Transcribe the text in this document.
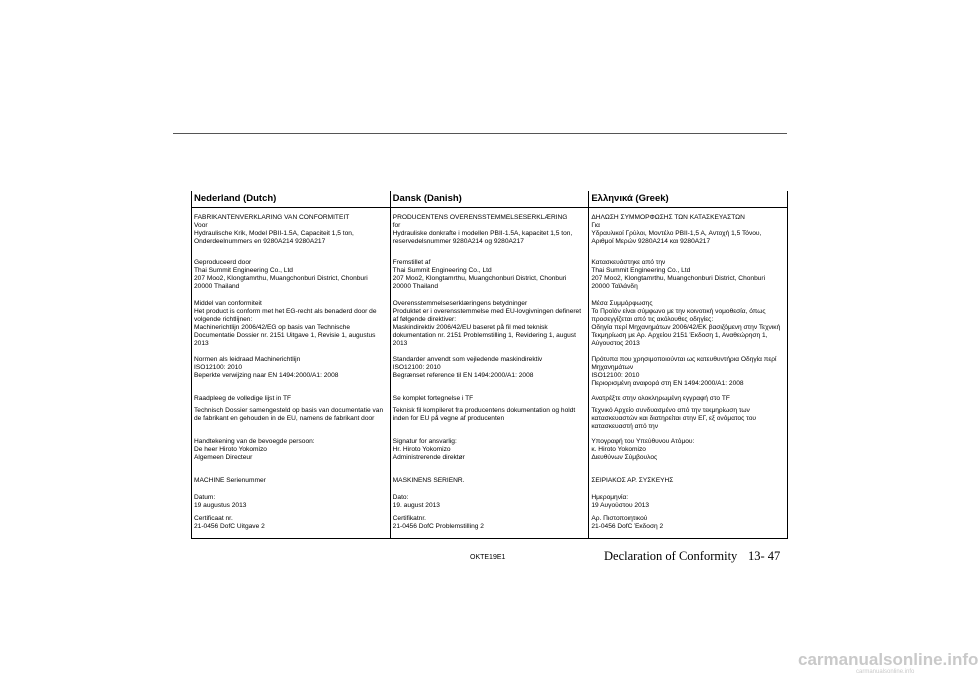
Nederland (Dutch)
FABRIKANTENVERKLARING VAN CONFORMITEIT
Voor
Hydraulische Krik, Model PBII-1.5A, Capaciteit 1,5 ton,
Onderdeelnummers en 9280A214 9280A217
Geproduceerd door
Thai Summit Engineering Co., Ltd
207 Moo2, Klongtamrthu, Muangchonburi District, Chonburi
20000 Thailand
Middel van conformiteit
Het product is conform met het EG-recht als benaderd door de volgende richtlijnen:
Machinerichtlijn 2006/42/EG op basis van Technische Documentatie Dossier nr. 2151 Uitgave 1, Revisie 1, augustus 2013
Normen als leidraad Machinerichtlijn
ISO12100: 2010
Beperkte verwijzing naar EN 1494:2000/A1: 2008
Raadpleeg de volledige lijst in TF
Technisch Dossier samengesteld op basis van documentatie van de fabrikant en gehouden in de EU, namens de fabrikant door
Handtekening van de bevoegde persoon:
De heer Hiroto Yokomizo
Algemeen Directeur
MACHINE Serienummer
Datum:
19 augustus 2013
Certificaat nr.
21-0456 DofC Uitgave 2
Dansk (Danish)
PRODUCENTENS OVERENSSTEMMELSESERKLÆRING
for
Hydrauliske donkrafte i modellen PBII-1.5A, kapacitet 1,5 ton,
reservedelsnummer 9280A214 og 9280A217
Fremstillet af
Thai Summit Engineering Co., Ltd
207 Moo2, Klongtamrthu, Muangchonburi District, Chonburi
20000 Thailand
Overensstemmelseserklæringens betydninger
Produktet er i overensstemmelse med EU-lovgivningen defineret af følgende direktiver:
Maskindirektiv 2006/42/EU baseret på fil med teknisk dokumentation nr. 2151 Problemstilling 1, Revidering 1, august 2013
Standarder anvendt som vejledende maskindirektiv
ISO12100: 2010
Begrænset reference til EN 1494:2000/A1: 2008
Se komplet fortegnelse i TF
Teknisk fil kompileret fra producentens dokumentation og holdt inden for EU på vegne af producenten
Signatur for ansvarlig:
Hr. Hiroto Yokomizo
Administrerende direktør
MASKINENS SERIENR.
Dato:
19. august 2013
Certifikatnr.
21-0456 DofC Problemstilling 2
Ελληνικά (Greek)
ΔΗΛΩΣΗ ΣΥΜΜΟΡΦΩΣΗΣ ΤΩΝ ΚΑΤΑΣΚΕΥΑΣΤΩΝ
Για
Υδραυλικοί Γρύλοι, Μοντέλο PBII-1,5 A, Αντοχή 1,5 Τόνου,
Αριθμοί Μερών 9280A214 και 9280A217
Κατασκευάστηκε από την
Thai Summit Engineering Co., Ltd
207 Moo2, Klongtamrthu, Muangchonburi District, Chonburi
20000 Ταϊλάνδη
Μέσα Συμμόρφωσης
Το Προϊόν είναι σύμφωνο με την κοινοτική νομοθεσία, όπως προσεγγίζεται από τις ακόλουθες οδηγίες:
Οδηγία περί Μηχανημάτων 2006/42/ΕΚ βασιζόμενη στην Τεχνική Τεκμηρίωση με Αρ. Αρχείου 2151 Έκδοση 1, Αναθεώρηση 1, Αύγουστος 2013
Πρότυπα που χρησιμοποιούνται ως κατευθυντήρια Οδηγία περί Μηχανημάτων
ISO12100: 2010
Περιορισμένη αναφορά στη EN 1494:2000/A1: 2008
Ανατρέξτε στην ολοκληρωμένη εγγραφή στο TF
Τεχνικό Αρχείο συνδυασμένο από την τεκμηρίωση των κατασκευαστών και διατηρείται στην ΕΓ, εξ ονόματος του κατασκευαστή από την
Υπογραφή του Υπεύθυνου Ατόμου:
κ. Hiroto Yokomizo
Διευθύνων Σύμβουλος
ΣΕΙΡΙΑΚΟΣ ΑΡ. ΣΥΣΚΕΥΗΣ
Ημερομηνία:
19 Αυγούστου 2013
Αρ. Πιστοποιητικού
21-0456 DofC Έκδοση 2
OKTE19E1	Declaration of Conformity 13- 47
carmanualsonline.info
carmanualsonline.info
